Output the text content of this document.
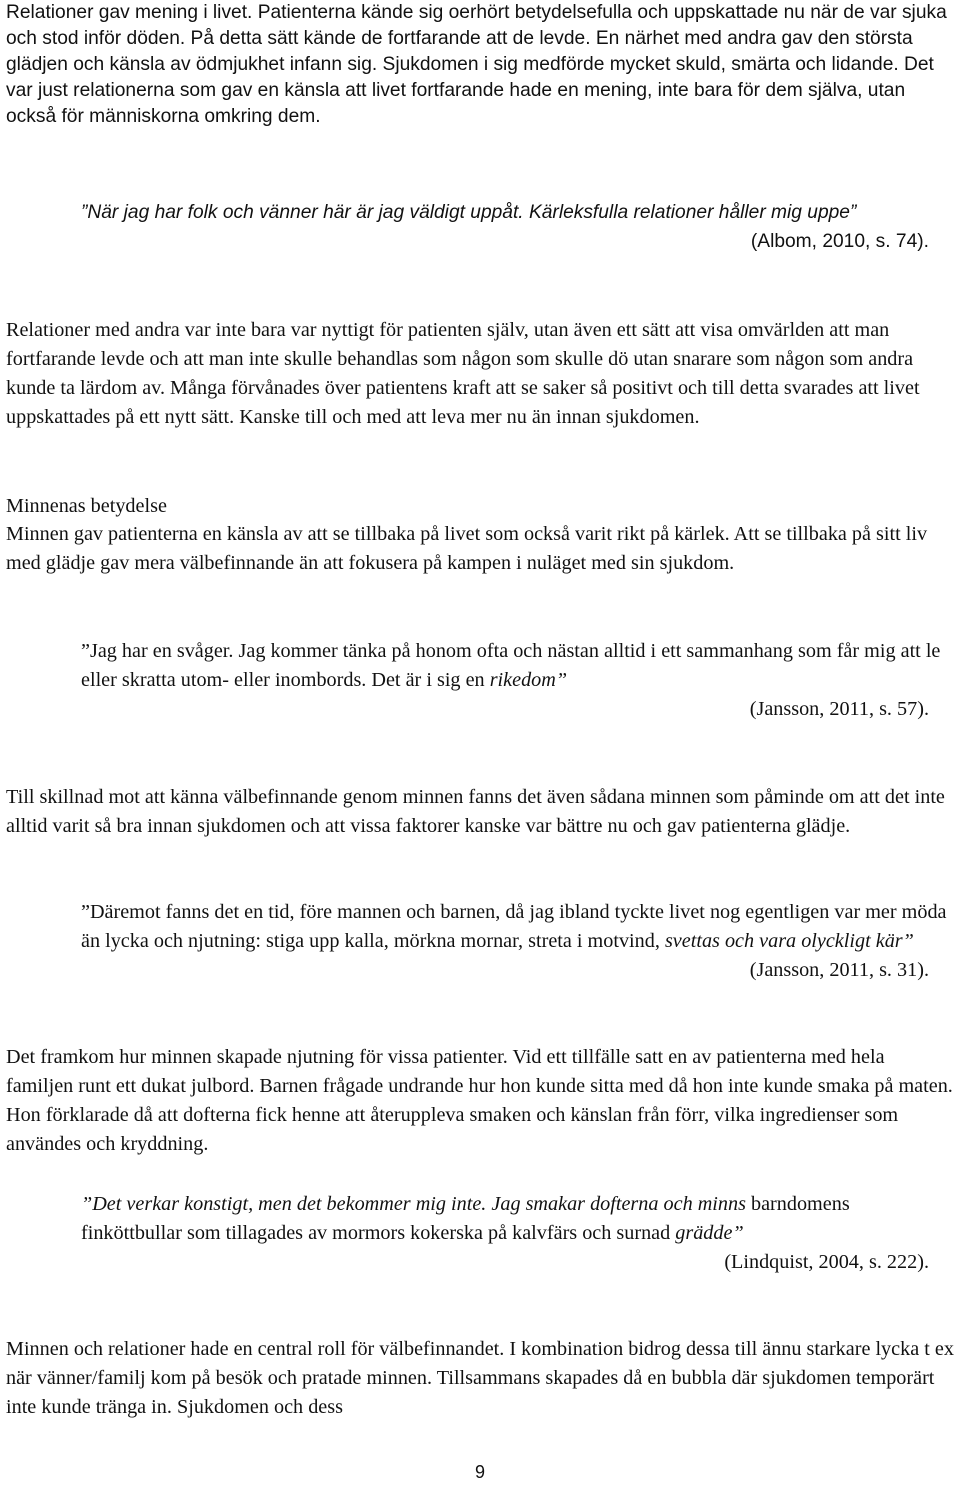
Relationer gav mening i livet. Patienterna kände sig oerhört betydelsefulla och uppskattade nu när de var sjuka och stod inför döden. På detta sätt kände de fortfarande att de levde. En närhet med andra gav den största glädjen och känsla av ödmjukhet infann sig. Sjukdomen i sig medförde mycket skuld, smärta och lidande. Det var just relationerna som gav en känsla att livet fortfarande hade en mening, inte bara för dem själva, utan också för människorna omkring dem.

”När jag har folk och vänner här är jag väldigt uppåt. Kärleksfulla relationer håller mig uppe”
(Albom, 2010, s. 74).

Relationer med andra var inte bara var nyttigt för patienten själv, utan även ett sätt att visa omvärlden att man fortfarande levde och att man inte skulle behandlas som någon som skulle dö utan snarare som någon som andra kunde ta lärdom av. Många förvånades över patientens kraft att se saker så positivt och till detta svarades att livet uppskattades på ett nytt sätt. Kanske till och med att leva mer nu än innan sjukdomen.

Minnenas betydelse

Minnen gav patienterna en känsla av att se tillbaka på livet som också varit rikt på kärlek. Att se tillbaka på sitt liv med glädje gav mera välbefinnande än att fokusera på kampen i nuläget med sin sjukdom.

”Jag har en svåger. Jag kommer tänka på honom ofta och nästan alltid i ett sammanhang som får mig att le eller skratta utom- eller inombords. Det är i sig en rikedom”
(Jansson, 2011, s. 57).

Till skillnad mot att känna välbefinnande genom minnen fanns det även sådana minnen som påminde om att det inte alltid varit så bra innan sjukdomen och att vissa faktorer kanske var bättre nu och gav patienterna glädje.

”Däremot fanns det en tid, före mannen och barnen, då jag ibland tyckte livet nog egentligen var mer möda än lycka och njutning: stiga upp kalla, mörkna mornar, streta i motvind, svettas och vara olyckligt kär”
(Jansson, 2011, s. 31).

Det framkom hur minnen skapade njutning för vissa patienter. Vid ett tillfälle satt en av patienterna med hela familjen runt ett dukat julbord. Barnen frågade undrande hur hon kunde sitta med då hon inte kunde smaka på maten. Hon förklarade då att dofterna fick henne att återuppleva smaken och känslan från förr, vilka ingredienser som användes och kryddning.

”Det verkar konstigt, men det bekommer mig inte. Jag smakar dofterna och minns barndomens finköttbullar som tillagades av mormors kokerska på kalvfärs och surnad grädde”
(Lindquist, 2004, s. 222).

Minnen och relationer hade en central roll för välbefinnandet. I kombination bidrog dessa till ännu starkare lycka t ex när vänner/familj kom på besök och pratade minnen. Tillsammans skapades då en bubbla där sjukdomen temporärt inte kunde tränga in. Sjukdomen och dess

9
